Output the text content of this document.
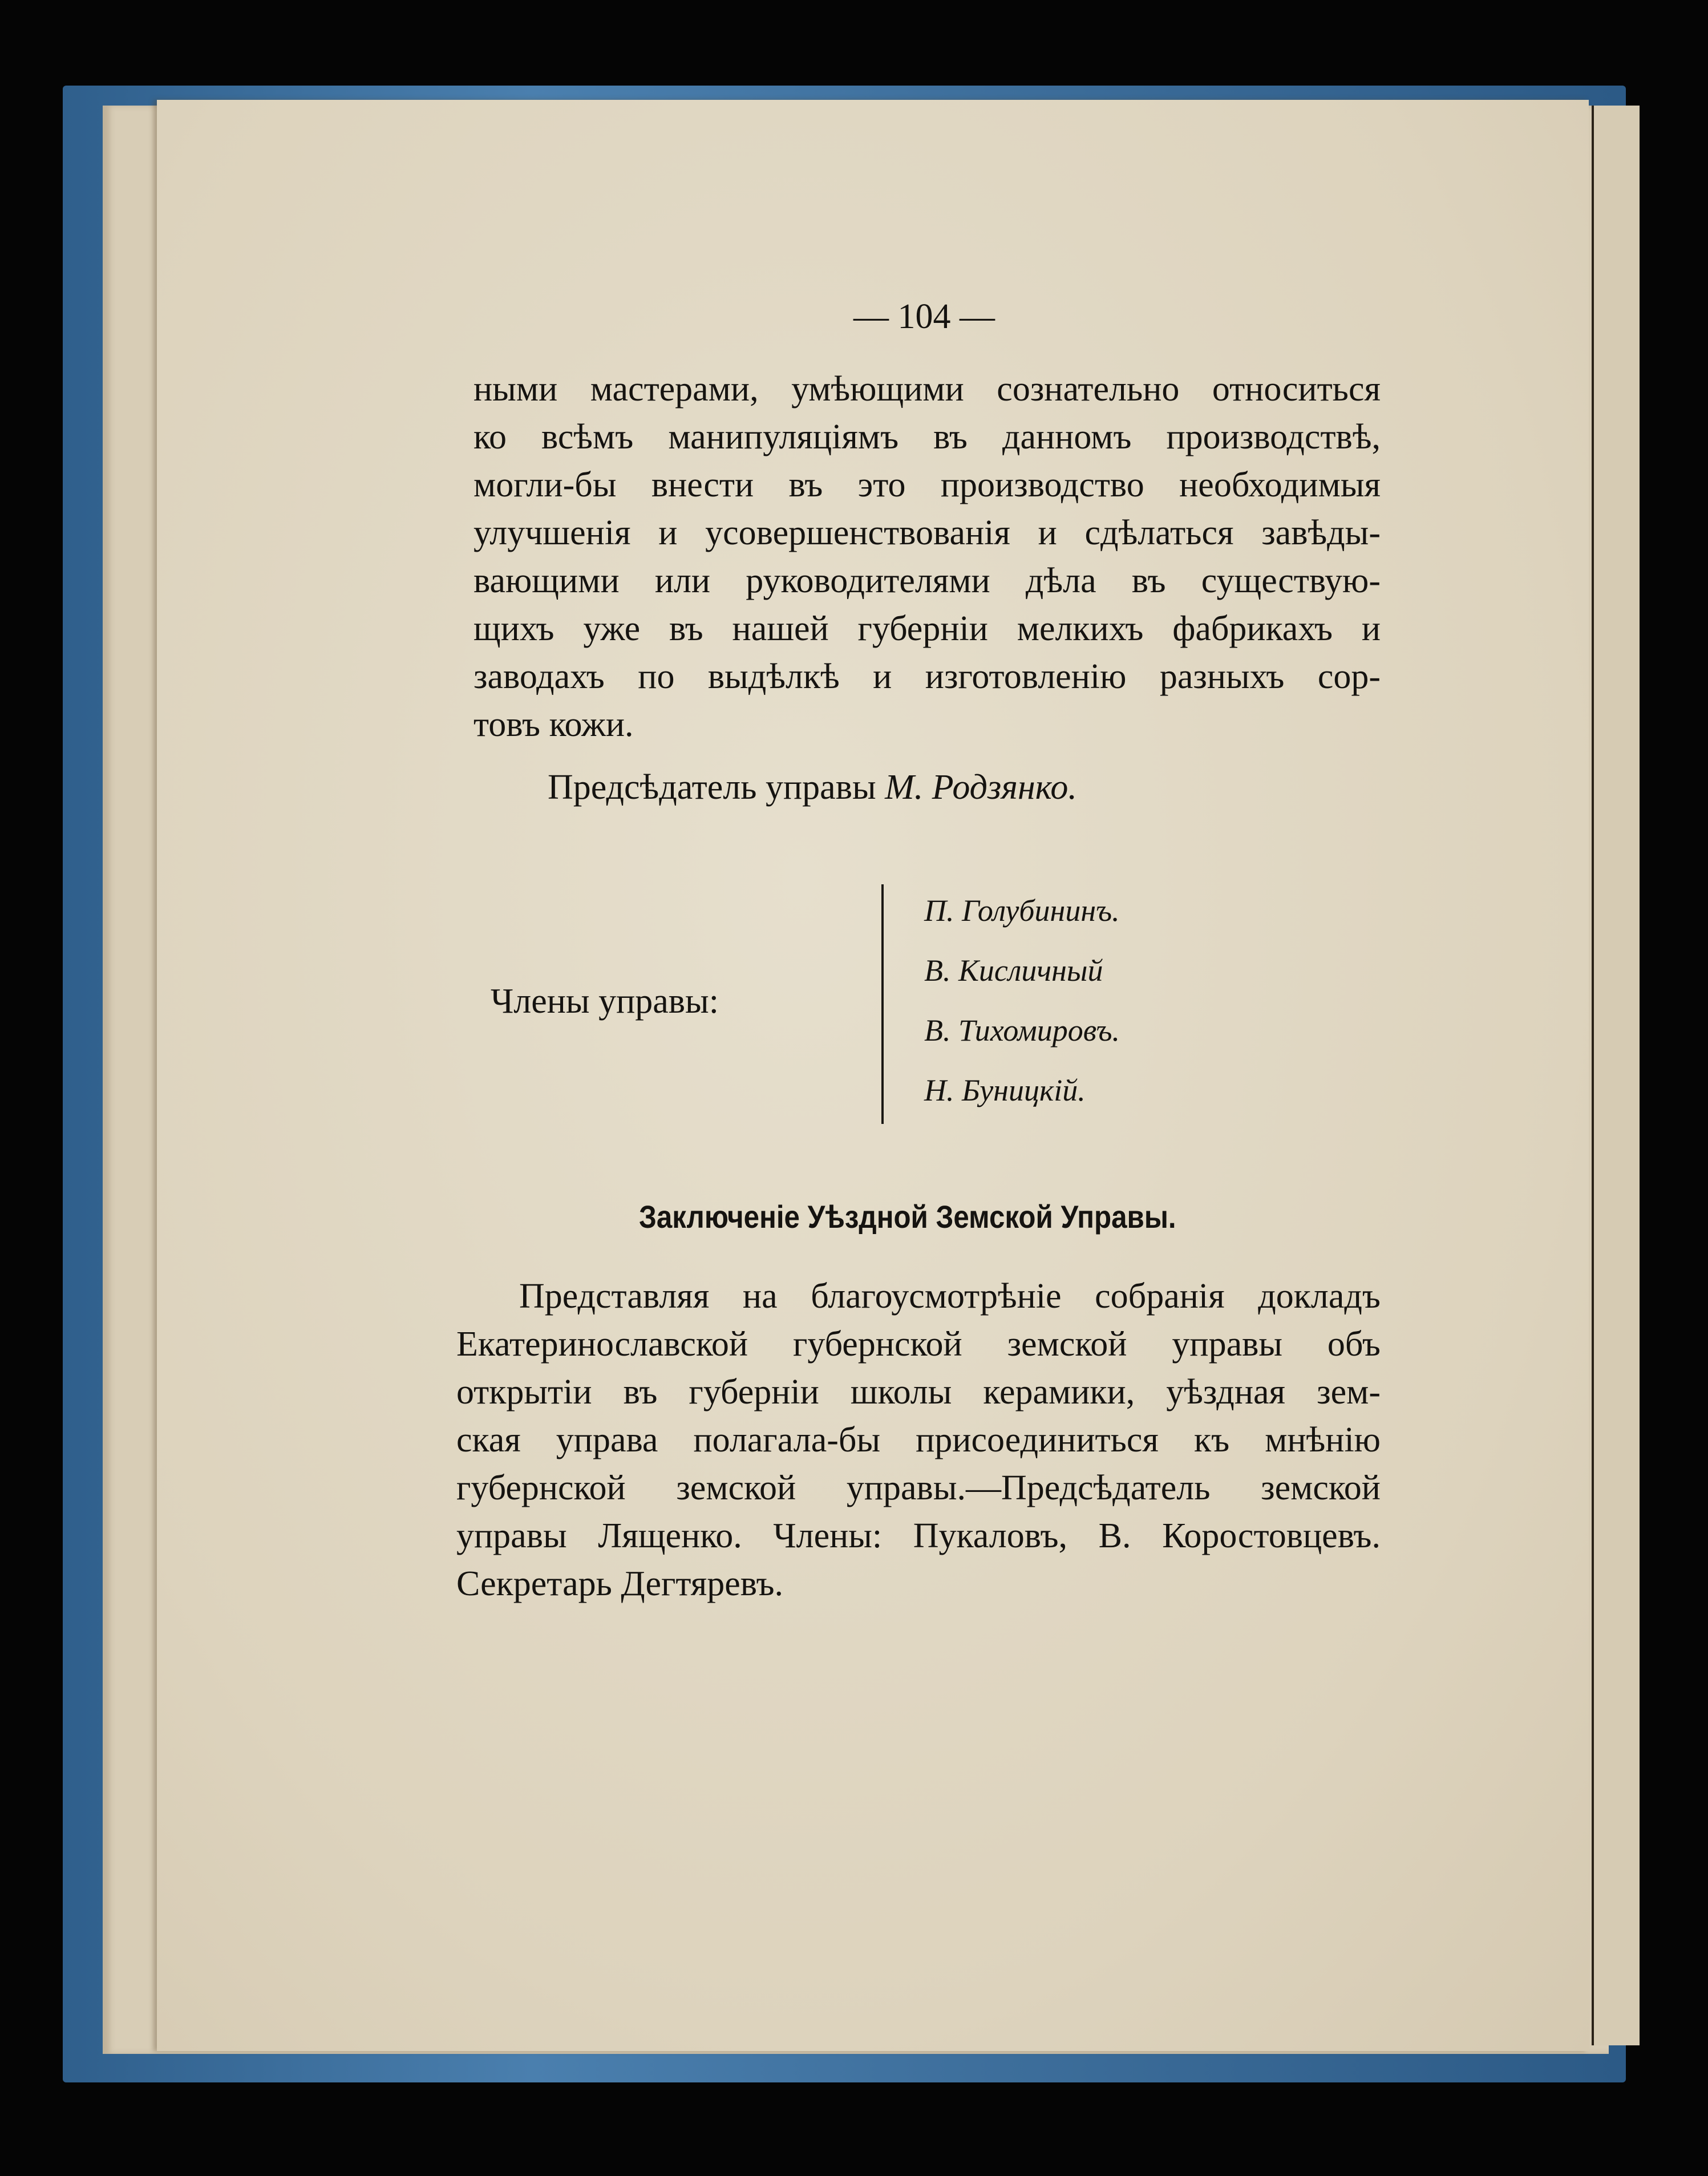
— 104 —
ными мастерами, умѣющими сознательно относиться
ко всѣмъ манипуляціямъ въ данномъ производствѣ,
могли-бы внести въ это производство необходимыя
улучшенія и усовершенствованія и сдѣлаться завѣды-
вающими или руководителями дѣла въ существую-
щихъ уже въ нашей губерніи мелкихъ фабрикахъ и
заводахъ по выдѣлкѣ и изготовленію разныхъ сор-
товъ кожи.
Предсѣдатель управы М. Родзянко.
Члены управы:
П. Голубининъ.
В. Кисличный
В. Тихомировъ.
Н. Буницкій.
Заключеніе Уѣздной Земской Управы.
Представляя на благоусмотрѣніе собранія докладъ
Екатеринославской губернской земской управы объ
открытіи въ губерніи школы керамики, уѣздная зем-
ская управа полагала-бы присоединиться къ мнѣнію
губернской земской управы.—Предсѣдатель земской
управы Лященко. Члены: Пукаловъ, В. Коростовцевъ.
Секретарь Дегтяревъ.
